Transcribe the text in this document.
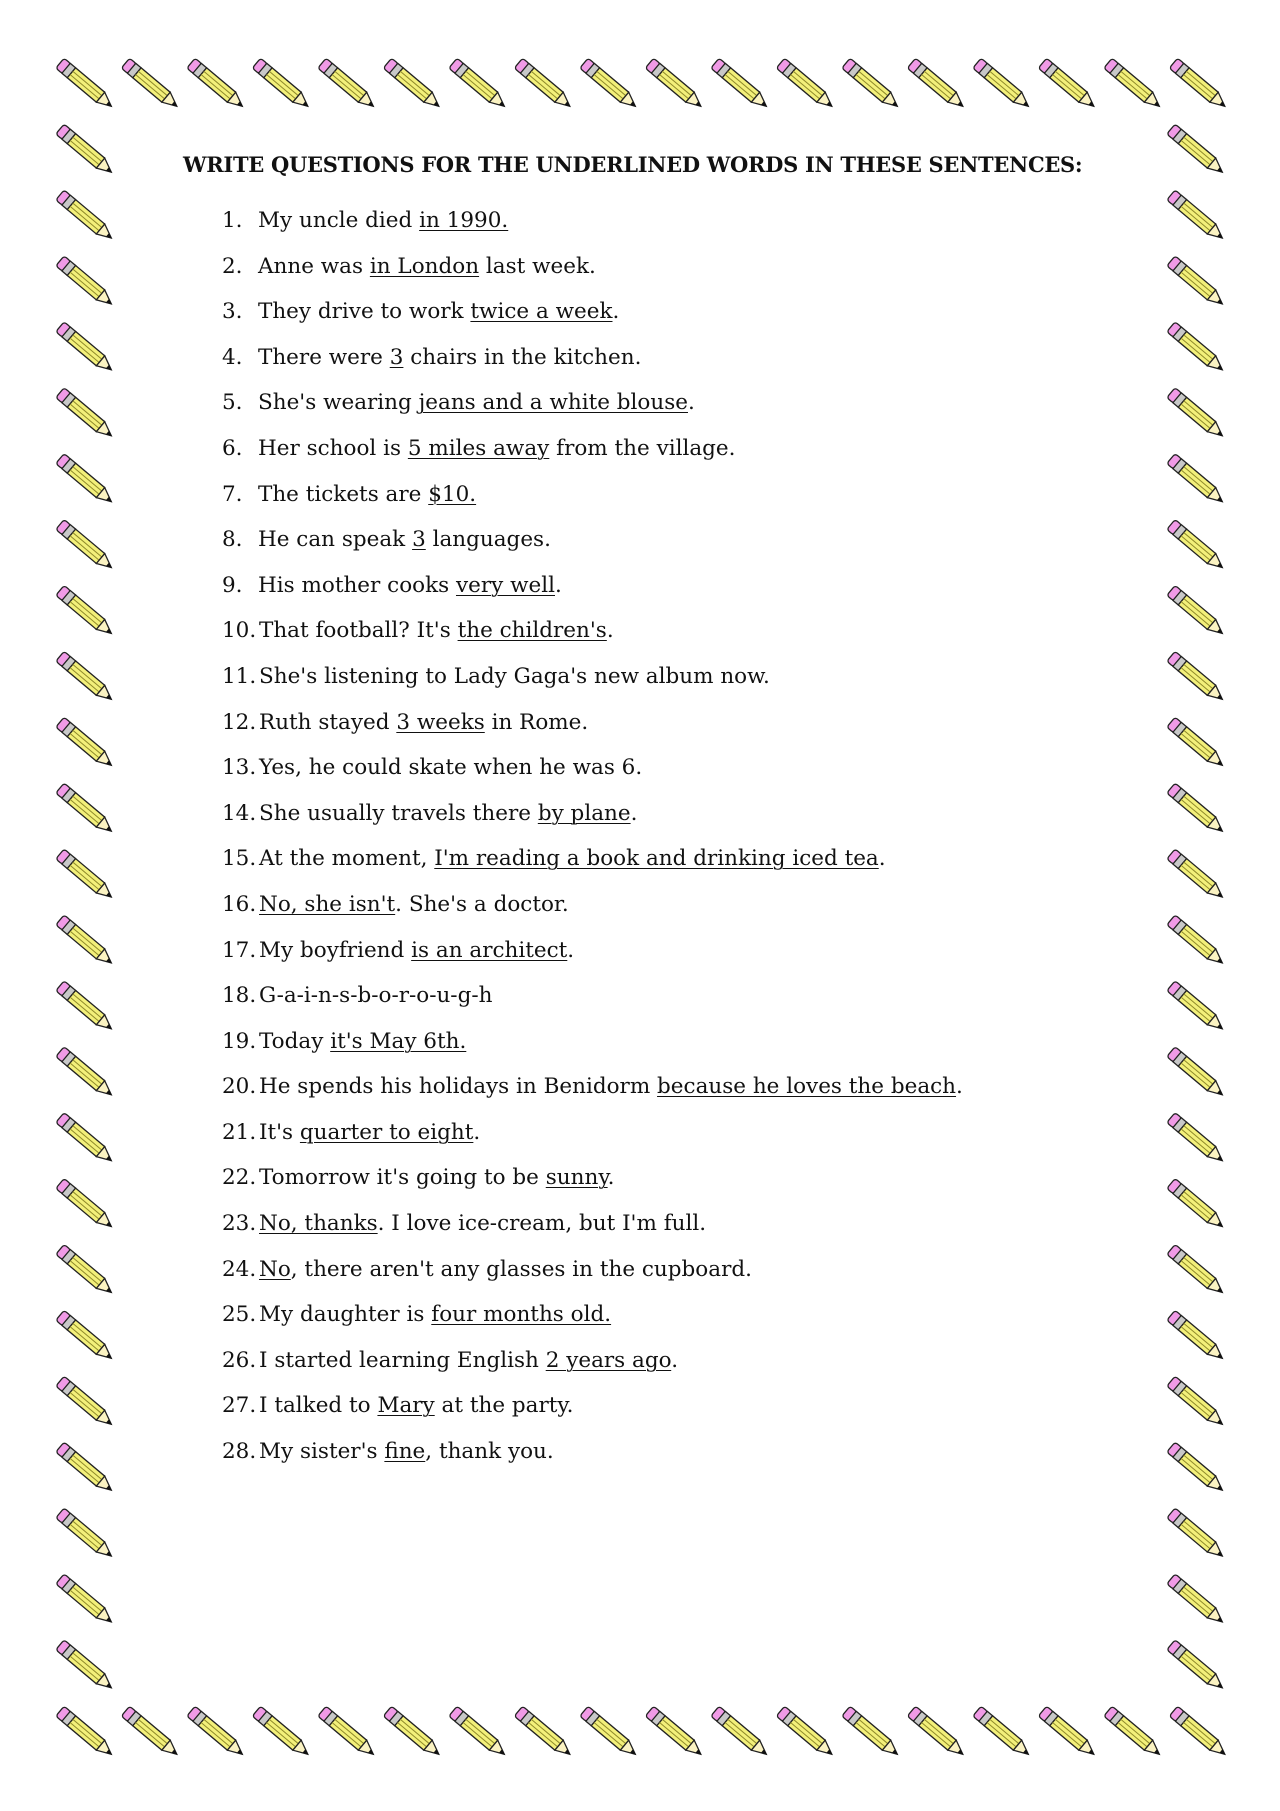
WRITE QUESTIONS FOR THE UNDERLINED WORDS IN THESE SENTENCES:
1. My uncle died in 1990.
2. Anne was in London last week.
3. They drive to work twice a week.
4. There were 3 chairs in the kitchen.
5. She's wearing jeans and a white blouse.
6. Her school is 5 miles away from the village.
7. The tickets are $10.
8. He can speak 3 languages.
9. His mother cooks very well.
10. That football? It's the children's.
11. She's listening to Lady Gaga's new album now.
12. Ruth stayed 3 weeks in Rome.
13. Yes, he could skate when he was 6.
14. She usually travels there by plane.
15. At the moment, I'm reading a book and drinking iced tea.
16. No, she isn't. She's a doctor.
17. My boyfriend is an architect.
18. G-a-i-n-s-b-o-r-o-u-g-h
19. Today it's May 6th.
20. He spends his holidays in Benidorm because he loves the beach.
21. It's quarter to eight.
22. Tomorrow it's going to be sunny.
23. No, thanks. I love ice-cream, but I'm full.
24. No, there aren't any glasses in the cupboard.
25. My daughter is four months old.
26. I started learning English 2 years ago.
27. I talked to Mary at the party.
28. My sister's fine, thank you.
